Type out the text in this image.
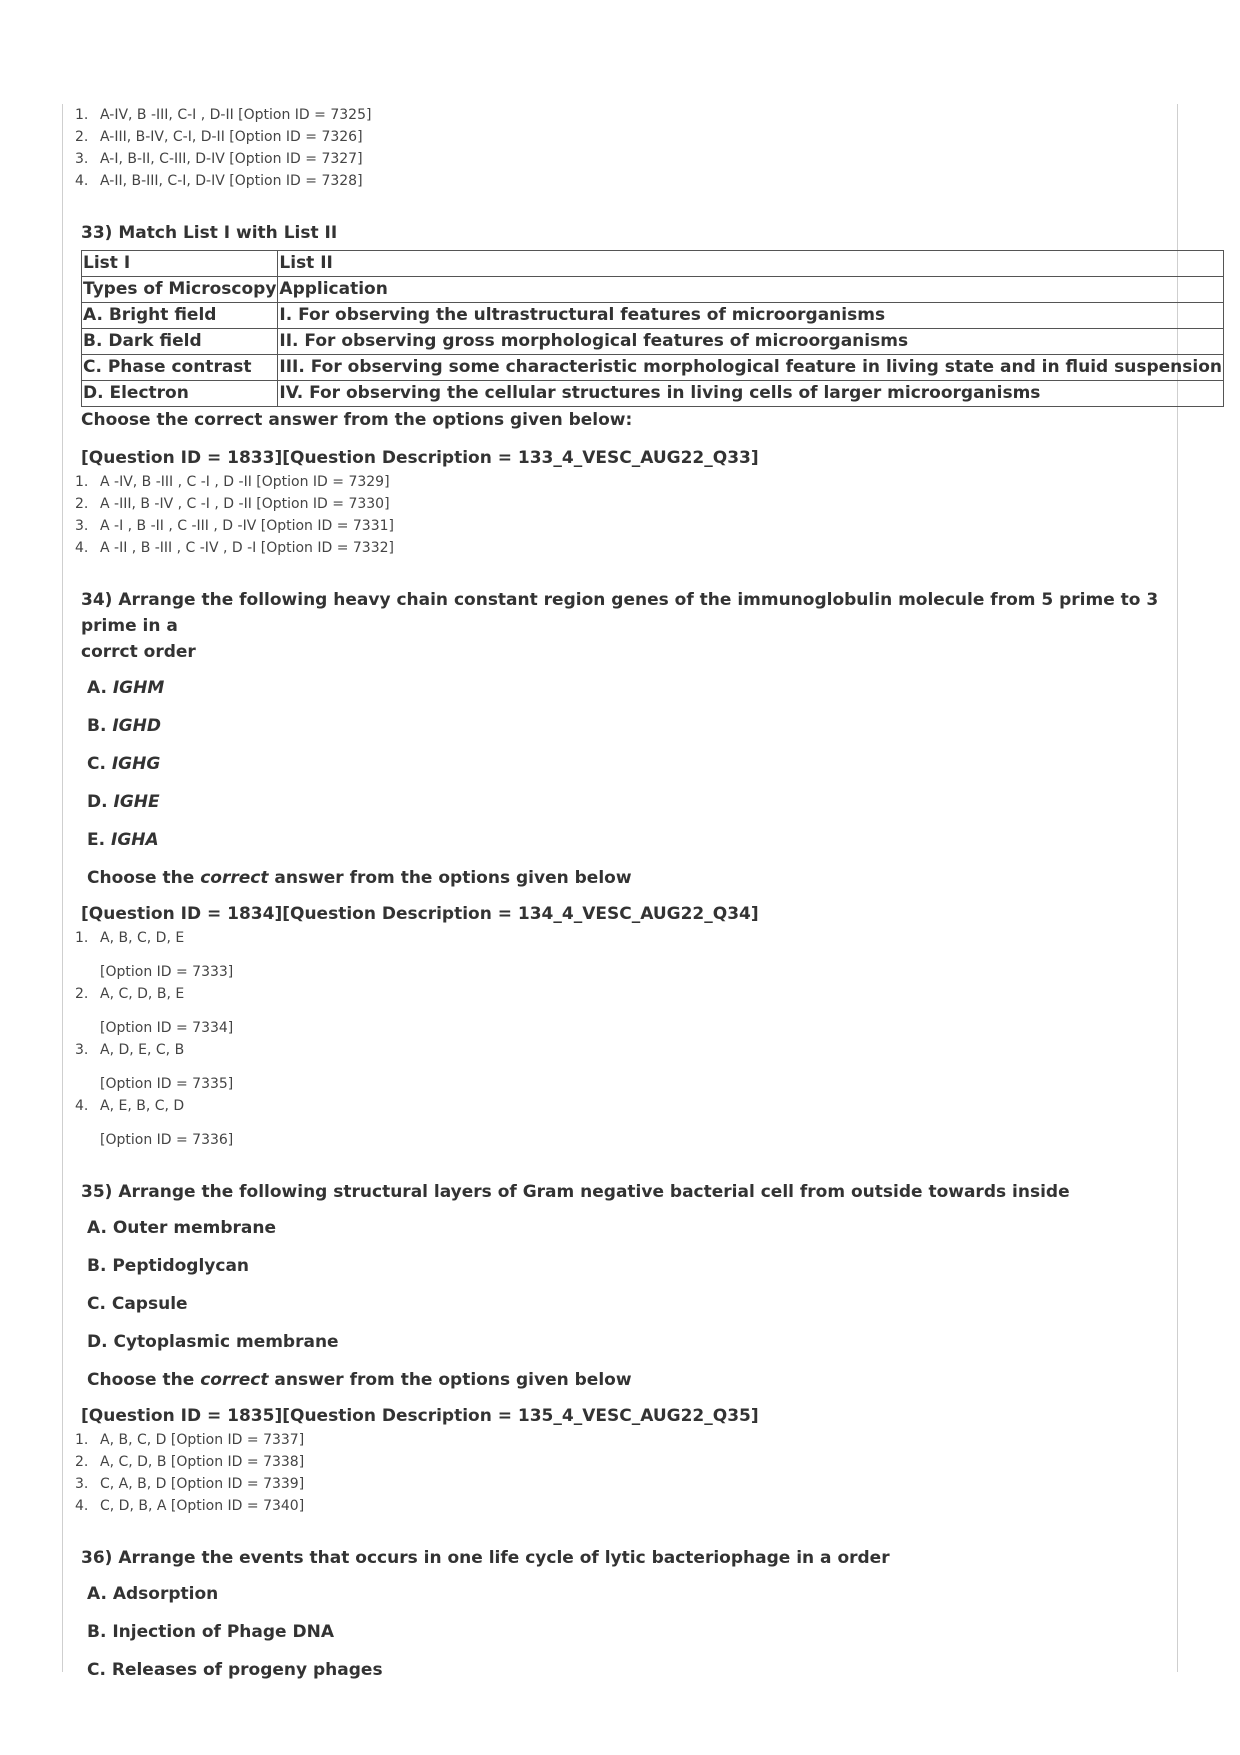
1. A-IV, B -III, C-I , D-II [Option ID = 7325]
2. A-III, B-IV, C-I, D-II [Option ID = 7326]
3. A-I, B-II, C-III, D-IV [Option ID = 7327]
4. A-II, B-III, C-I, D-IV [Option ID = 7328]
33) Match List I with List II
List I	List II
Types of Microscopy	Application
A. Bright field	I. For observing the ultrastructural features of microorganisms
B. Dark field	II. For observing gross morphological features of microorganisms
C. Phase contrast	III. For observing some characteristic morphological feature in living state and in fluid suspension
D. Electron	IV. For observing the cellular structures in living cells of larger microorganisms
Choose the correct answer from the options given below:
[Question ID = 1833][Question Description = 133_4_VESC_AUG22_Q33]
1. A -IV, B -III , C -I , D -II [Option ID = 7329]
2. A -III, B -IV , C -I , D -II [Option ID = 7330]
3. A -I , B -II , C -III , D -IV [Option ID = 7331]
4. A -II , B -III , C -IV , D -I [Option ID = 7332]
34) Arrange the following heavy chain constant region genes of the immunoglobulin molecule from 5 prime to 3 prime in a
corrct order
A. IGHM
B. IGHD
C. IGHG
D. IGHE
E. IGHA
Choose the correct answer from the options given below
[Question ID = 1834][Question Description = 134_4_VESC_AUG22_Q34]
1. A, B, C, D, E
[Option ID = 7333]
2. A, C, D, B, E
[Option ID = 7334]
3. A, D, E, C, B
[Option ID = 7335]
4. A, E, B, C, D
[Option ID = 7336]
35) Arrange the following structural layers of Gram negative bacterial cell from outside towards inside
A. Outer membrane
B. Peptidoglycan
C. Capsule
D. Cytoplasmic membrane
Choose the correct answer from the options given below
[Question ID = 1835][Question Description = 135_4_VESC_AUG22_Q35]
1. A, B, C, D [Option ID = 7337]
2. A, C, D, B [Option ID = 7338]
3. C, A, B, D [Option ID = 7339]
4. C, D, B, A [Option ID = 7340]
36) Arrange the events that occurs in one life cycle of lytic bacteriophage in a order
A. Adsorption
B. Injection of Phage DNA
C. Releases of progeny phages
